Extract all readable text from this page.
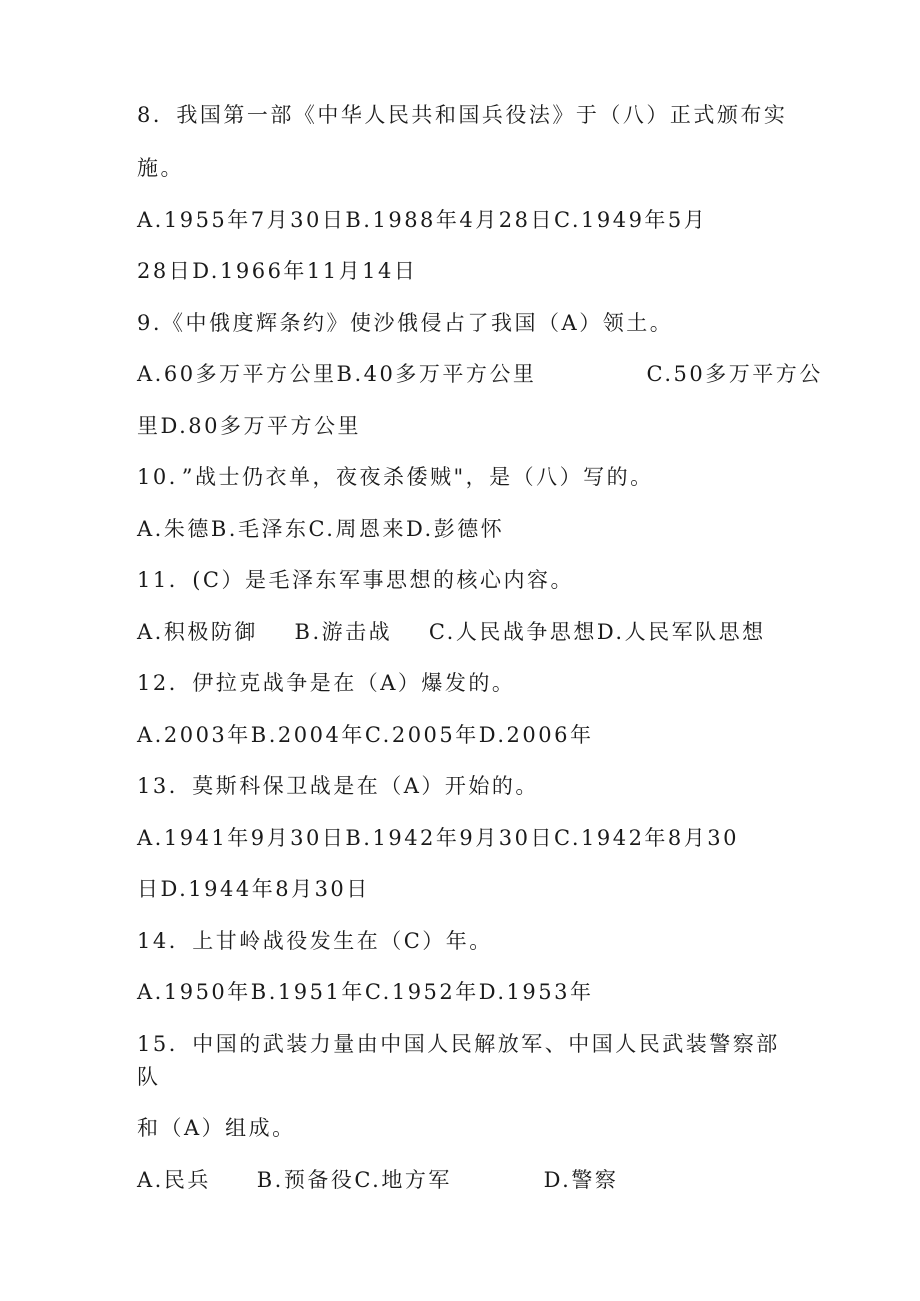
8．我国第一部《中华人民共和国兵役法》于（八）正式颁布实
施。
A.1955年7月30日B.1988年4月28日C.1949年5月
28日D.1966年11月14日
9.《中俄度辉条约》使沙俄侵占了我国（A）领土。
A.60多万平方公里B.40多万平方公里            C.50多万平方公
里D.80多万平方公里
10．”战士仍衣单，夜夜杀倭贼"，是（八）写的。
A.朱德B.毛泽东C.周恩来D.彭德怀
11．(C）是毛泽东军事思想的核心内容。
A.积极防御    B.游击战    C.人民战争思想D.人民军队思想
12．伊拉克战争是在（A）爆发的。
A.2003年B.2004年C.2005年D.2006年
13．莫斯科保卫战是在（A）开始的。
A.1941年9月30日B.1942年9月30日C.1942年8月30
日D.1944年8月30日
14．上甘岭战役发生在（C）年。
A.1950年B.1951年C.1952年D.1953年
15．中国的武装力量由中国人民解放军、中国人民武装警察部
队
和（A）组成。
A.民兵     B.预备役C.地方军          D.警察
